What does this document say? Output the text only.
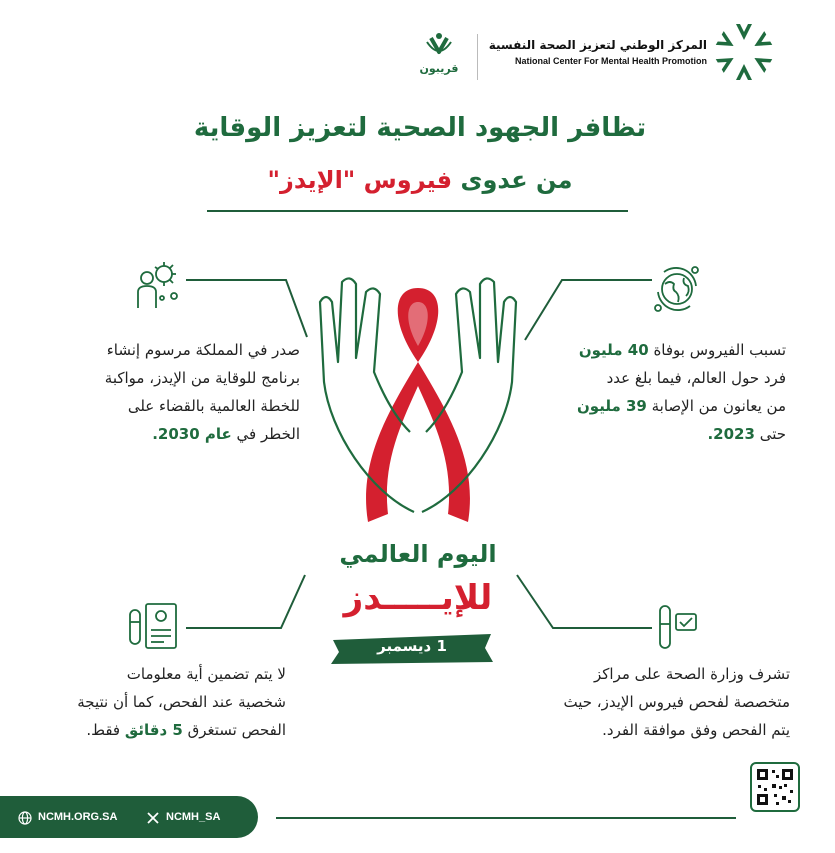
المركز الوطني لتعزيز الصحة النفسية
National Center For Mental Health Promotion
قريبون
تظافر الجهود الصحية لتعزيز الوقاية
من عدوى فيروس "الإيدز"
تسبب الفيروس بوفاة 40 مليون
فرد حول العالم، فيما بلغ عدد
من يعانون من الإصابة 39 مليون
حتى 2023.
صدر في المملكة مرسوم إنشاء
برنامج للوقاية من الإيدز، مواكبة
للخطة العالمية بالقضاء على
الخطر في عام 2030.
لا يتم تضمين أية معلومات
شخصية عند الفحص، كما أن نتيجة
الفحص تستغرق 5 دقائق فقط.
تشرف وزارة الصحة على مراكز
متخصصة لفحص فيروس الإيدز، حيث
يتم الفحص وفق موافقة الفرد.
اليوم العالمي
للإيـــــدز
1 ديسمبر
NCMH.ORG.SA	NCMH_SA
